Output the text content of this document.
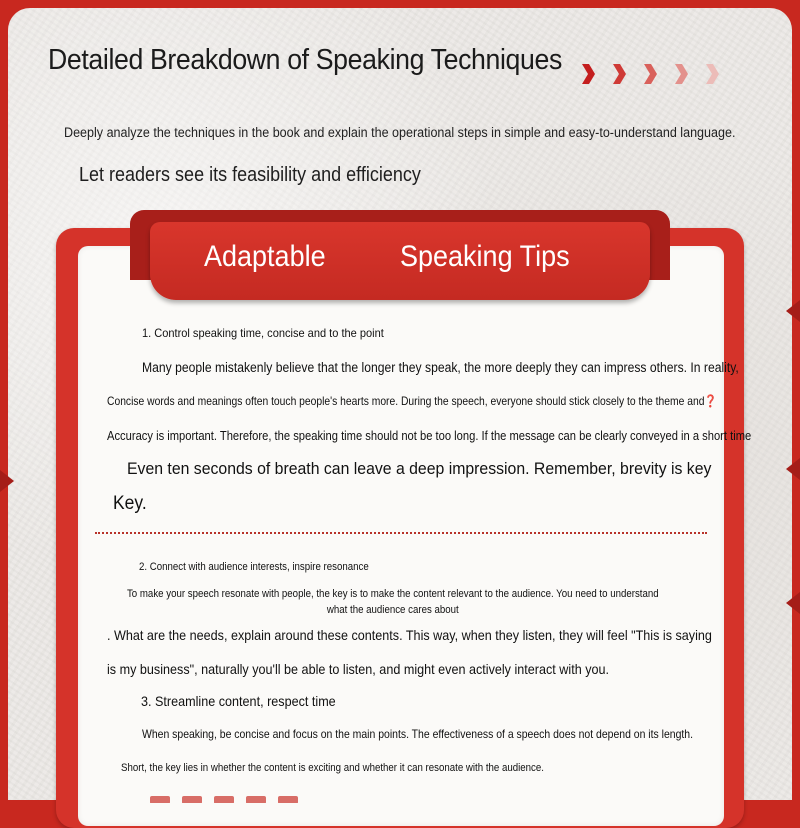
Detailed Breakdown of Speaking Techniques

Deeply analyze the techniques in the book and explain the operational steps in simple and easy-to-understand language.

Let readers see its feasibility and efficiency

Adaptable Speaking Tips

1. Control speaking time, concise and to the point

Many people mistakenly believe that the longer they speak, the more deeply they can impress others. In reality,

Concise words and meanings often touch people's hearts more. During the speech, everyone should stick closely to the theme and❓

Accuracy is important. Therefore, the speaking time should not be too long. If the message can be clearly conveyed in a short time

Even ten seconds of breath can leave a deep impression. Remember, brevity is key

Key.

2. Connect with audience interests, inspire resonance

To make your speech resonate with people, the key is to make the content relevant to the audience. You need to understand what the audience cares about

. What are the needs, explain around these contents. This way, when they listen, they will feel "This is saying

is my business", naturally you'll be able to listen, and might even actively interact with you.

3. Streamline content, respect time

When speaking, be concise and focus on the main points. The effectiveness of a speech does not depend on its length.

Short, the key lies in whether the content is exciting and whether it can resonate with the audience.
